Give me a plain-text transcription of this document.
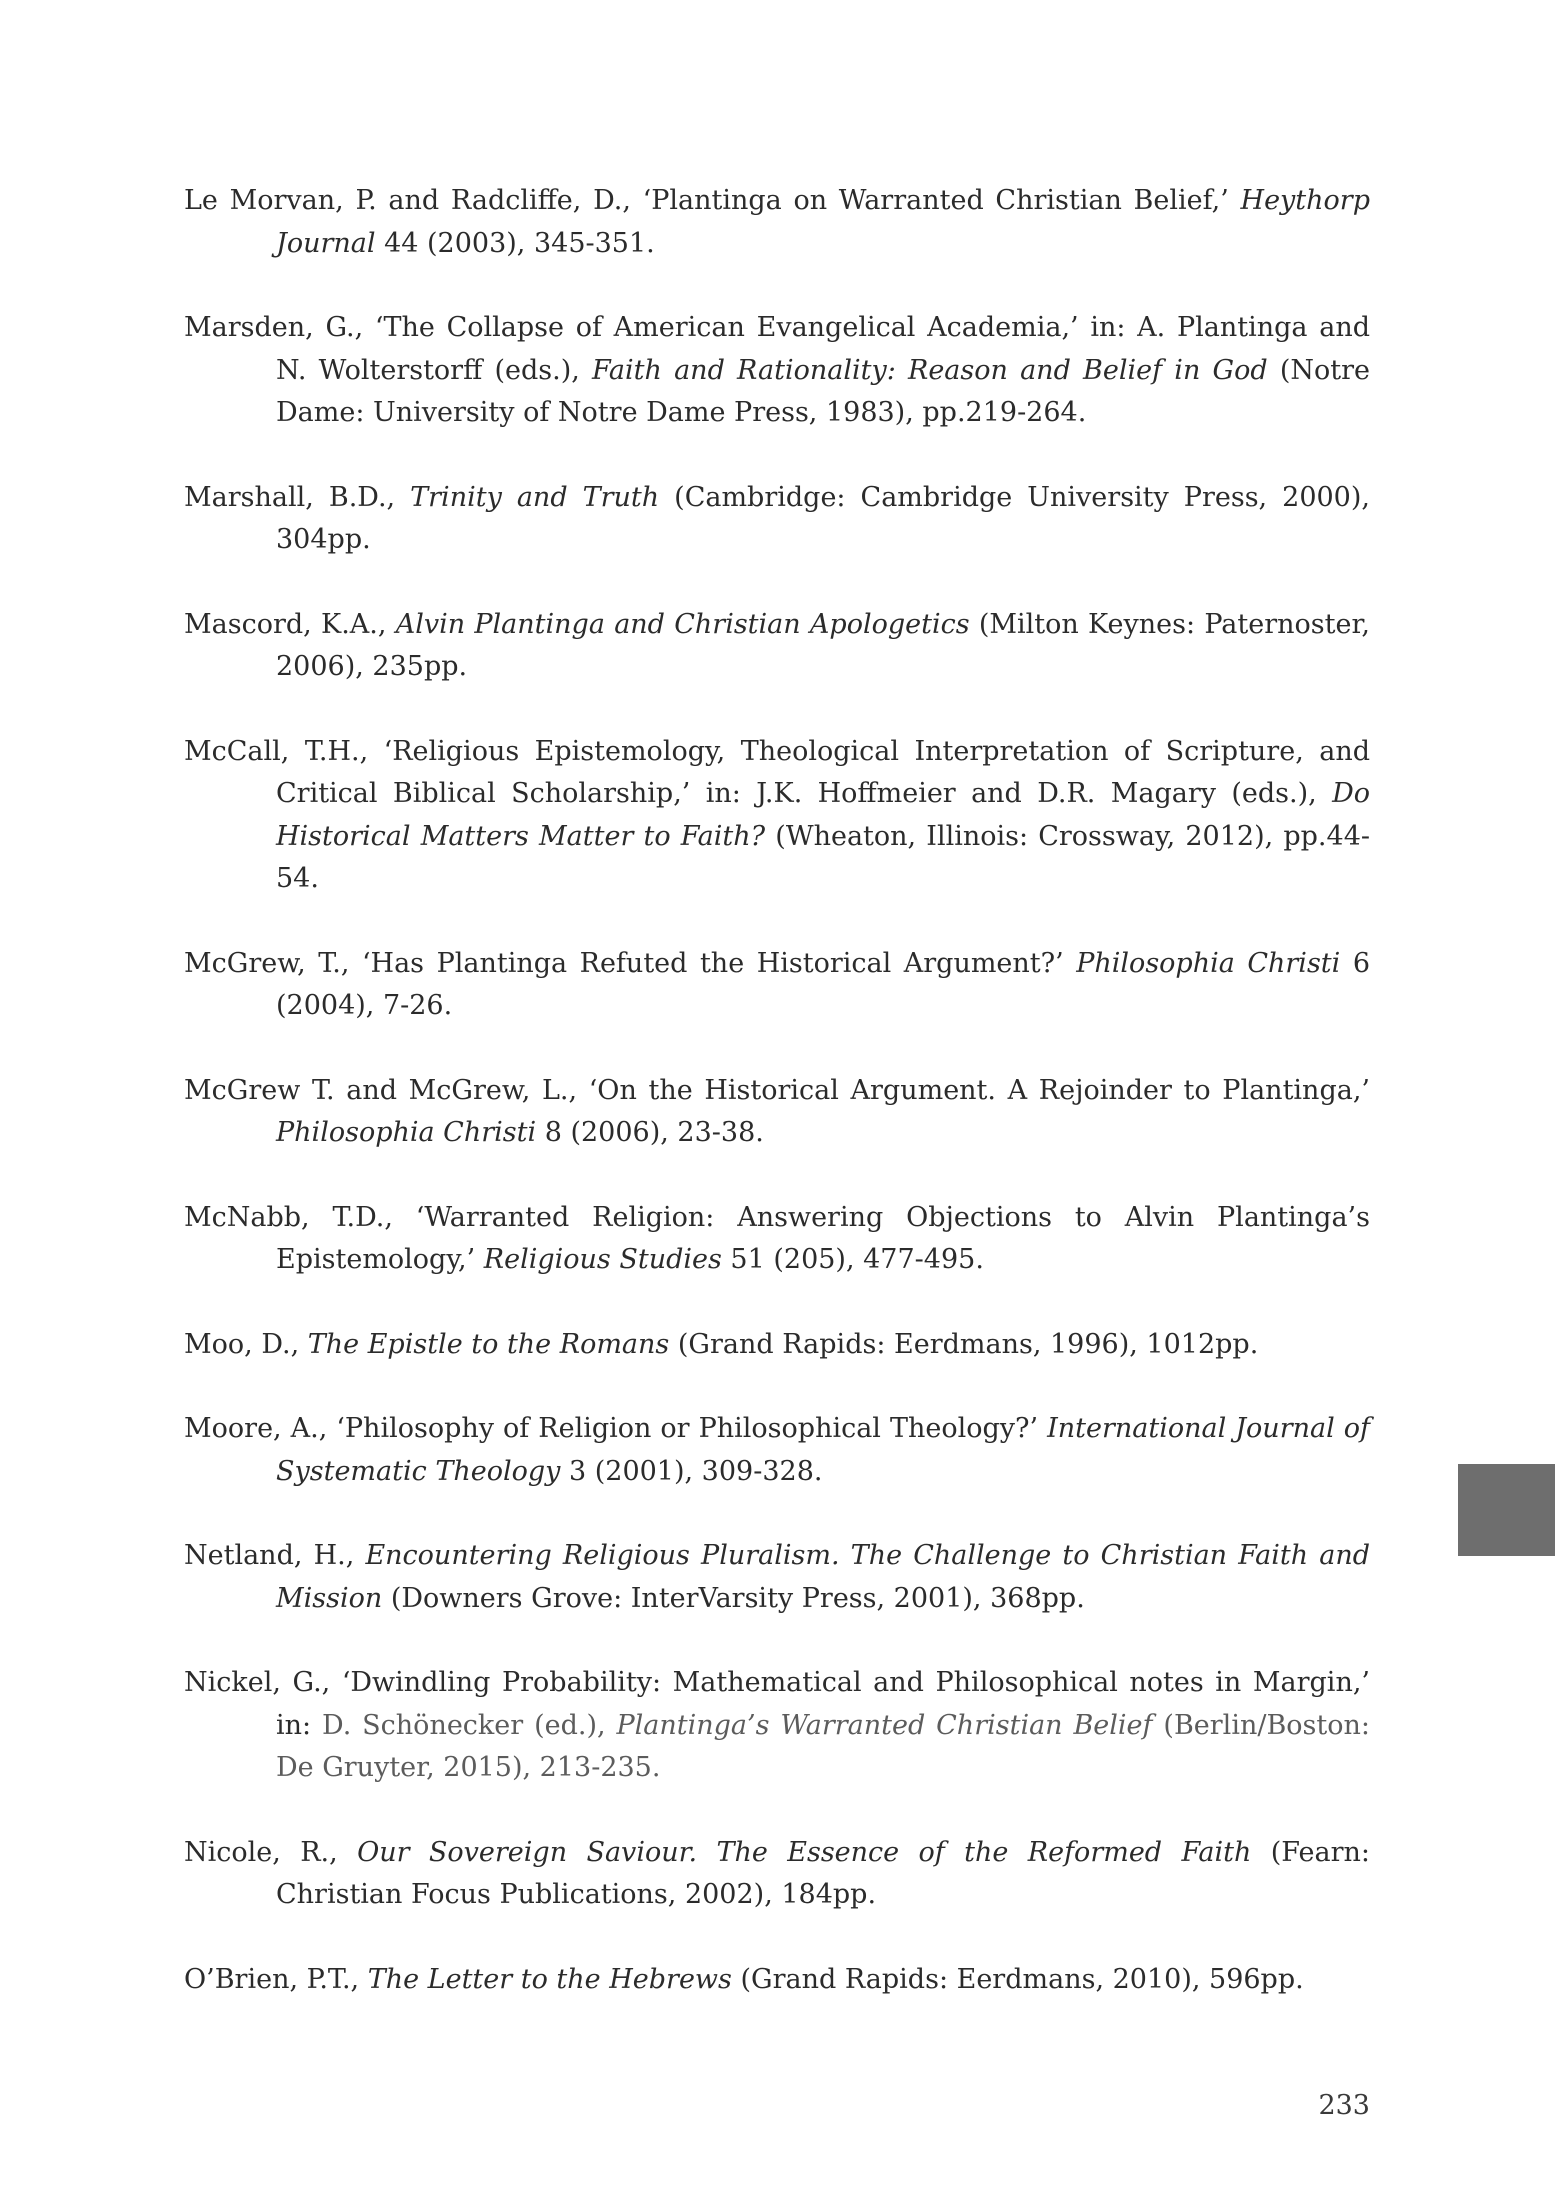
Le Morvan, P. and Radcliffe, D., ‘Plantinga on Warranted Christian Belief,’ Heythorp Journal 44 (2003), 345-351.
Marsden, G., ‘The Collapse of American Evangelical Academia,’ in: A. Plantinga and N. Wolterstorff (eds.), Faith and Rationality: Reason and Belief in God (Notre Dame: University of Notre Dame Press, 1983), pp.219-264.
Marshall, B.D., Trinity and Truth (Cambridge: Cambridge University Press, 2000), 304pp.
Mascord, K.A., Alvin Plantinga and Christian Apologetics (Milton Keynes: Paternoster, 2006), 235pp.
McCall, T.H., ‘Religious Epistemology, Theological Interpretation of Scripture, and Critical Biblical Scholarship,’ in: J.K. Hoffmeier and D.R. Magary (eds.), Do Historical Matters Matter to Faith? (Wheaton, Illinois: Crossway, 2012), pp.44-54.
McGrew, T., ‘Has Plantinga Refuted the Historical Argument?’ Philosophia Christi 6 (2004), 7-26.
McGrew T. and McGrew, L., ‘On the Historical Argument. A Rejoinder to Plantinga,’ Philosophia Christi 8 (2006), 23-38.
McNabb, T.D., ‘Warranted Religion: Answering Objections to Alvin Plantinga’s Epistemology,’ Religious Studies 51 (205), 477-495.
Moo, D., The Epistle to the Romans (Grand Rapids: Eerdmans, 1996), 1012pp.
Moore, A., ‘Philosophy of Religion or Philosophical Theology?’ International Journal of Systematic Theology 3 (2001), 309-328.
Netland, H., Encountering Religious Pluralism. The Challenge to Christian Faith and Mission (Downers Grove: InterVarsity Press, 2001), 368pp.
Nickel, G., ‘Dwindling Probability: Mathematical and Philosophical notes in Margin,’ in: D. Schönecker (ed.), Plantinga’s Warranted Christian Belief (Berlin/Boston: De Gruyter, 2015), 213-235.
Nicole, R., Our Sovereign Saviour. The Essence of the Reformed Faith (Fearn: Christian Focus Publications, 2002), 184pp.
O’Brien, P.T., The Letter to the Hebrews (Grand Rapids: Eerdmans, 2010), 596pp.
233
